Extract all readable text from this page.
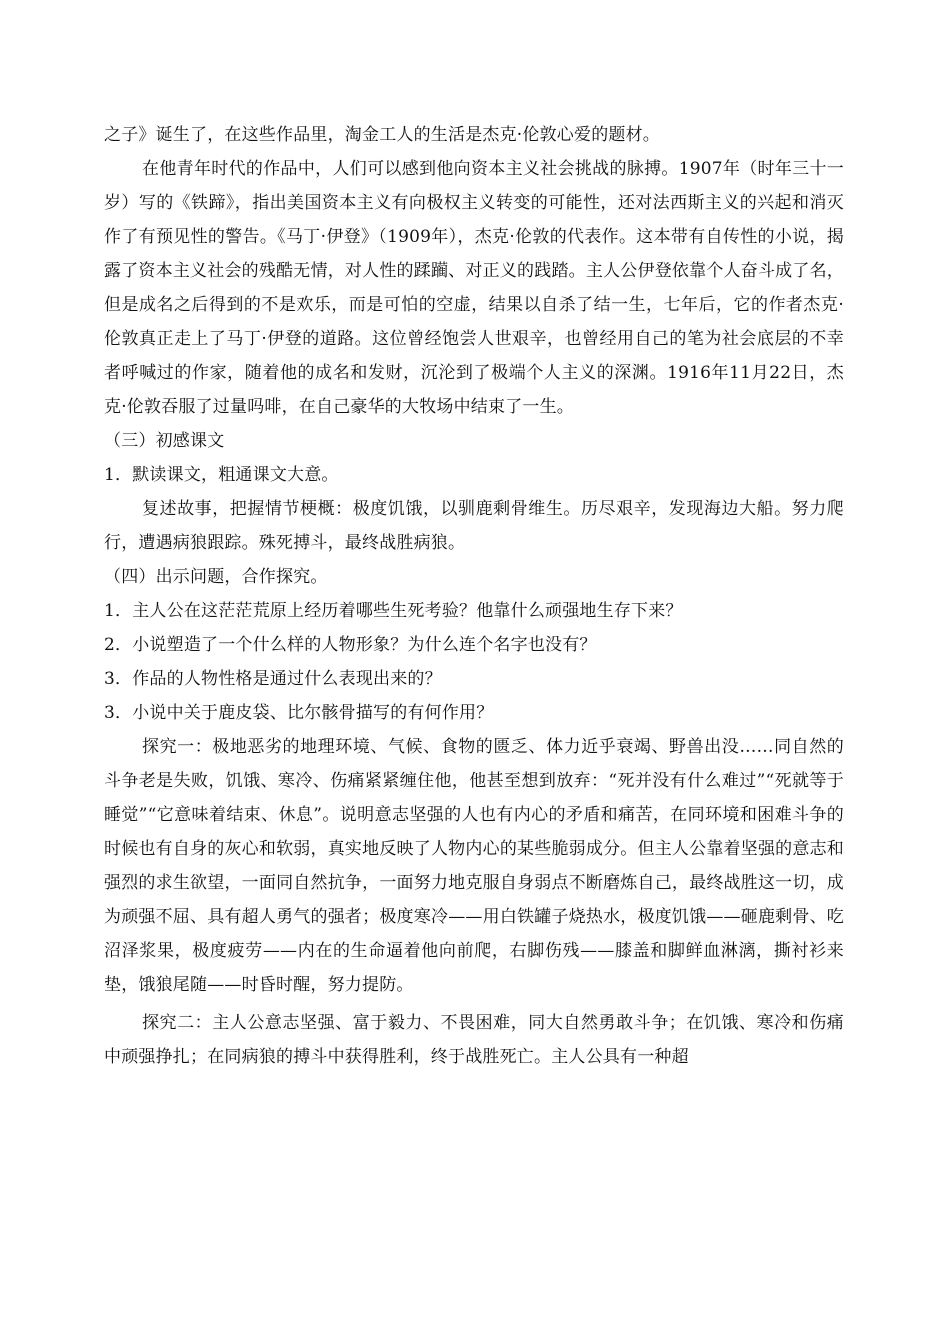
之子》诞生了，在这些作品里，淘金工人的生活是杰克·伦敦心爱的题材。

在他青年时代的作品中，人们可以感到他向资本主义社会挑战的脉搏。1907年（时年三十一岁）写的《铁蹄》，指出美国资本主义有向极权主义转变的可能性，还对法西斯主义的兴起和消灭作了有预见性的警告。《马丁·伊登》（1909年），杰克·伦敦的代表作。这本带有自传性的小说，揭露了资本主义社会的残酷无情，对人性的蹂躏、对正义的践踏。主人公伊登依靠个人奋斗成了名，但是成名之后得到的不是欢乐，而是可怕的空虚，结果以自杀了结一生，七年后，它的作者杰克·伦敦真正走上了马丁·伊登的道路。这位曾经饱尝人世艰辛，也曾经用自己的笔为社会底层的不幸者呼喊过的作家，随着他的成名和发财，沉沦到了极端个人主义的深渊。1916年11月22日，杰克·伦敦吞服了过量吗啡，在自己豪华的大牧场中结束了一生。

（三）初感课文

1．默读课文，粗通课文大意。

复述故事，把握情节梗概：极度饥饿，以驯鹿剩骨维生。历尽艰辛，发现海边大船。努力爬行，遭遇病狼跟踪。殊死搏斗，最终战胜病狼。

（四）出示问题，合作探究。

1．主人公在这茫茫荒原上经历着哪些生死考验？他靠什么顽强地生存下来？

2．小说塑造了一个什么样的人物形象？为什么连个名字也没有？

3．作品的人物性格是通过什么表现出来的？

3．小说中关于鹿皮袋、比尔骸骨描写的有何作用？

探究一：极地恶劣的地理环境、气候、食物的匮乏、体力近乎衰竭、野兽出没……同自然的斗争老是失败，饥饿、寒冷、伤痛紧紧缠住他，他甚至想到放弃：“死并没有什么难过”“死就等于睡觉”“它意味着结束、休息”。说明意志坚强的人也有内心的矛盾和痛苦，在同环境和困难斗争的时候也有自身的灰心和软弱，真实地反映了人物内心的某些脆弱成分。但主人公靠着坚强的意志和强烈的求生欲望，一面同自然抗争，一面努力地克服自身弱点不断磨炼自己，最终战胜这一切，成为顽强不屈、具有超人勇气的强者；极度寒冷——用白铁罐子烧热水，极度饥饿——砸鹿剩骨、吃沼泽浆果，极度疲劳——内在的生命逼着他向前爬，右脚伤残——膝盖和脚鲜血淋漓，撕衬衫来垫，饿狼尾随——时昏时醒，努力提防。

探究二：主人公意志坚强、富于毅力、不畏困难，同大自然勇敢斗争；在饥饿、寒冷和伤痛中顽强挣扎；在同病狼的搏斗中获得胜利，终于战胜死亡。主人公具有一种超
